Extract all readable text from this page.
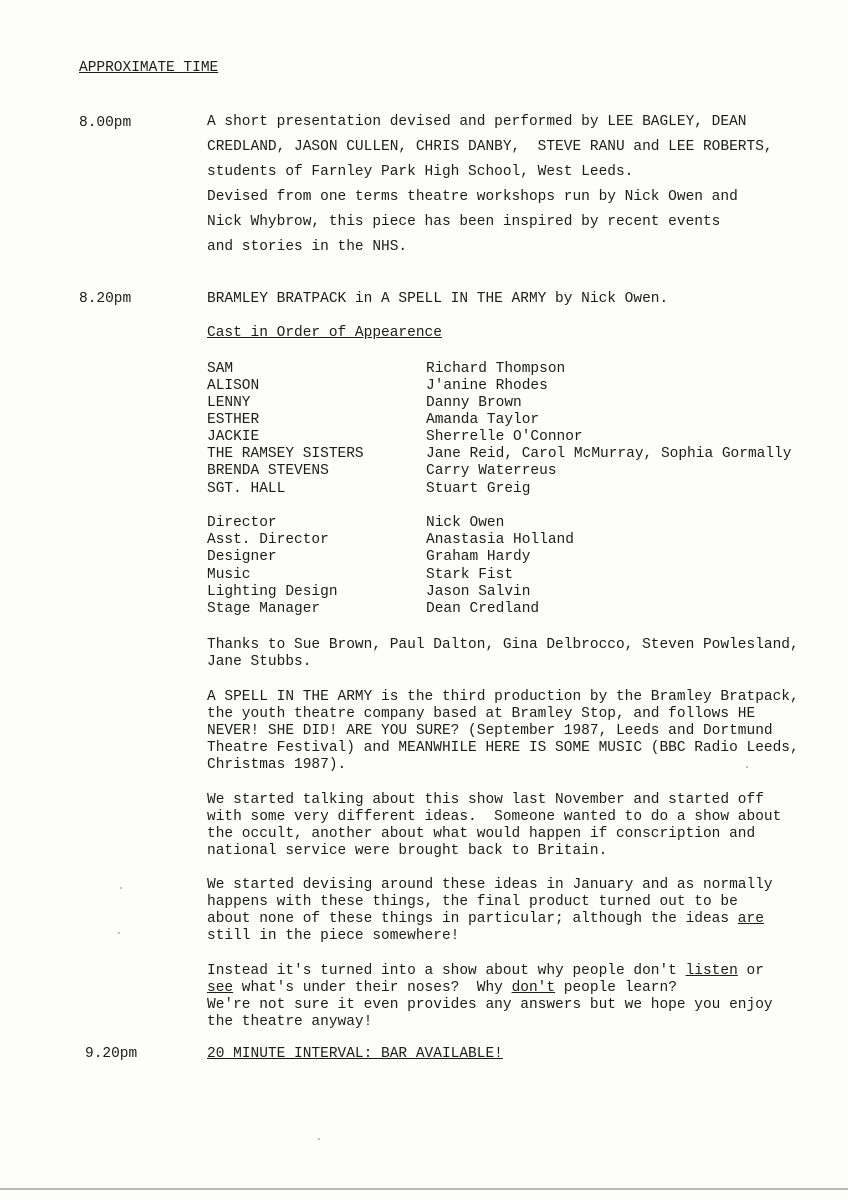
APPROXIMATE TIME
8.00pm	A short presentation devised and performed by LEE BAGLEY, DEAN
CREDLAND, JASON CULLEN, CHRIS DANBY,  STEVE RANU and LEE ROBERTS,
students of Farnley Park High School, West Leeds.
Devised from one terms theatre workshops run by Nick Owen and
Nick Whybrow, this piece has been inspired by recent events
and stories in the NHS.
8.20pm	BRAMLEY BRATPACK in A SPELL IN THE ARMY by Nick Owen.
Cast in Order of Appearence
SAM	Richard Thompson
ALISON	J'anine Rhodes
LENNY	Danny Brown
ESTHER	Amanda Taylor
JACKIE	Sherrelle O'Connor
THE RAMSEY SISTERS	Jane Reid, Carol McMurray, Sophia Gormally
BRENDA STEVENS	Carry Waterreus
SGT. HALL	Stuart Greig
Director	Nick Owen
Asst. Director	Anastasia Holland
Designer	Graham Hardy
Music	Stark Fist
Lighting Design	Jason Salvin
Stage Manager	Dean Credland
Thanks to Sue Brown, Paul Dalton, Gina Delbrocco, Steven Powlesland,
Jane Stubbs.
A SPELL IN THE ARMY is the third production by the Bramley Bratpack,
the youth theatre company based at Bramley Stop, and follows HE
NEVER! SHE DID! ARE YOU SURE? (September 1987, Leeds and Dortmund
Theatre Festival) and MEANWHILE HERE IS SOME MUSIC (BBC Radio Leeds,
Christmas 1987).
We started talking about this show last November and started off
with some very different ideas.  Someone wanted to do a show about
the occult, another about what would happen if conscription and
national service were brought back to Britain.
We started devising around these ideas in January and as normally
happens with these things, the final product turned out to be
about none of these things in particular; although the ideas are
still in the piece somewhere!
Instead it's turned into a show about why people don't listen or
see what's under their noses?  Why don't people learn?
We're not sure it even provides any answers but we hope you enjoy
the theatre anyway!
9.20pm	20 MINUTE INTERVAL: BAR AVAILABLE!
